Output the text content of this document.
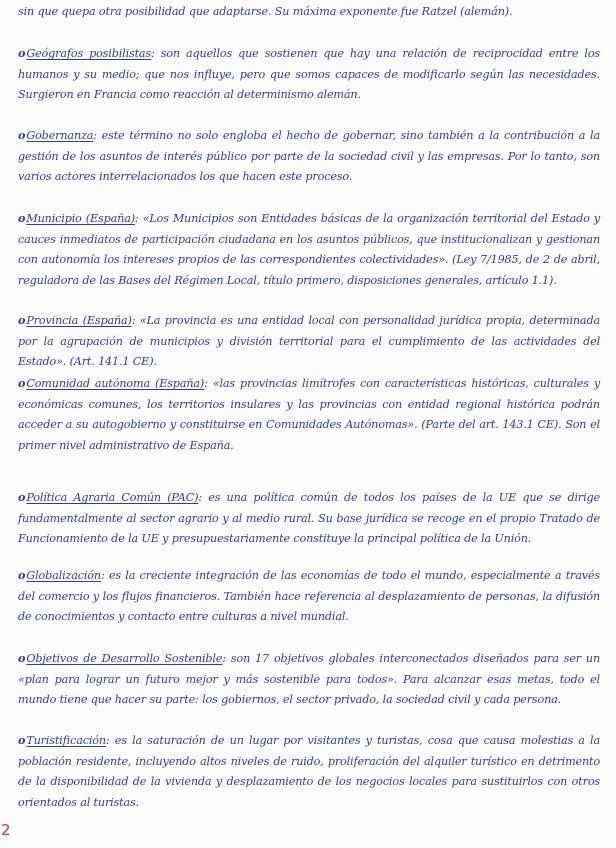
sin que quepa otra posibilidad que adaptarse. Su máxima exponente fue Ratzel (alemán).
oGeógrafos posibilistas: son aquellos que sostienen que hay una relación de reciprocidad entre los humanos y su medio; que nos influye, pero que somos capaces de modificarlo según las necesidades. Surgieron en Francia como reacción al determinismo alemán.
oGobernanza: este término no solo engloba el hecho de gobernar, sino también a la contribución a la gestión de los asuntos de interés público por parte de la sociedad civil y las empresas. Por lo tanto, son varios actores interrelacionados los que hacen este proceso.
oMunicipio (España): «Los Municipios son Entidades básicas de la organización territorial del Estado y cauces inmediatos de participación ciudadana en los asuntos públicos, que institucionalizan y gestionan con autonomía los intereses propios de las correspondientes colectividades». (Ley 7/1985, de 2 de abril, reguladora de las Bases del Régimen Local, título primero, disposiciones generales, artículo 1.1).
oProvincia (España): «La provincia es una entidad local con personalidad jurídica propia, determinada por la agrupación de municipios y división territorial para el cumplimiento de las actividades del Estado». (Art. 141.1 CE).
oComunidad autónoma (España): «las provincias limítrofes con características históricas, culturales y económicas comunes, los territorios insulares y las provincias con entidad regional histórica podrán acceder a su autogobierno y constituirse en Comunidades Autónomas». (Parte del art. 143.1 CE). Son el primer nivel administrativo de España.
oPolítica Agraria Común (PAC): es una política común de todos los países de la UE que se dirige fundamentalmente al sector agrario y al medio rural. Su base jurídica se recoge en el propio Tratado de Funcionamiento de la UE y presupuestariamente constituye la principal política de la Unión.
oGlobalización: es la creciente integración de las economías de todo el mundo, especialmente a través del comercio y los flujos financieros. También hace referencia al desplazamiento de personas, la difusión de conocimientos y contacto entre culturas a nivel mundial.
oObjetivos de Desarrollo Sostenible: son 17 objetivos globales interconectados diseñados para ser un «plan para lograr un futuro mejor y más sostenible para todos». Para alcanzar esas metas, todo el mundo tiene que hacer su parte: los gobiernos, el sector privado, la sociedad civil y cada persona.
oTuristificación: es la saturación de un lugar por visitantes y turistas, cosa que causa molestias a la población residente, incluyendo altos niveles de ruido, proliferación del alquiler turístico en detrimento de la disponibilidad de la vivienda y desplazamiento de los negocios locales para sustituirlos con otros orientados al turistas.
2
